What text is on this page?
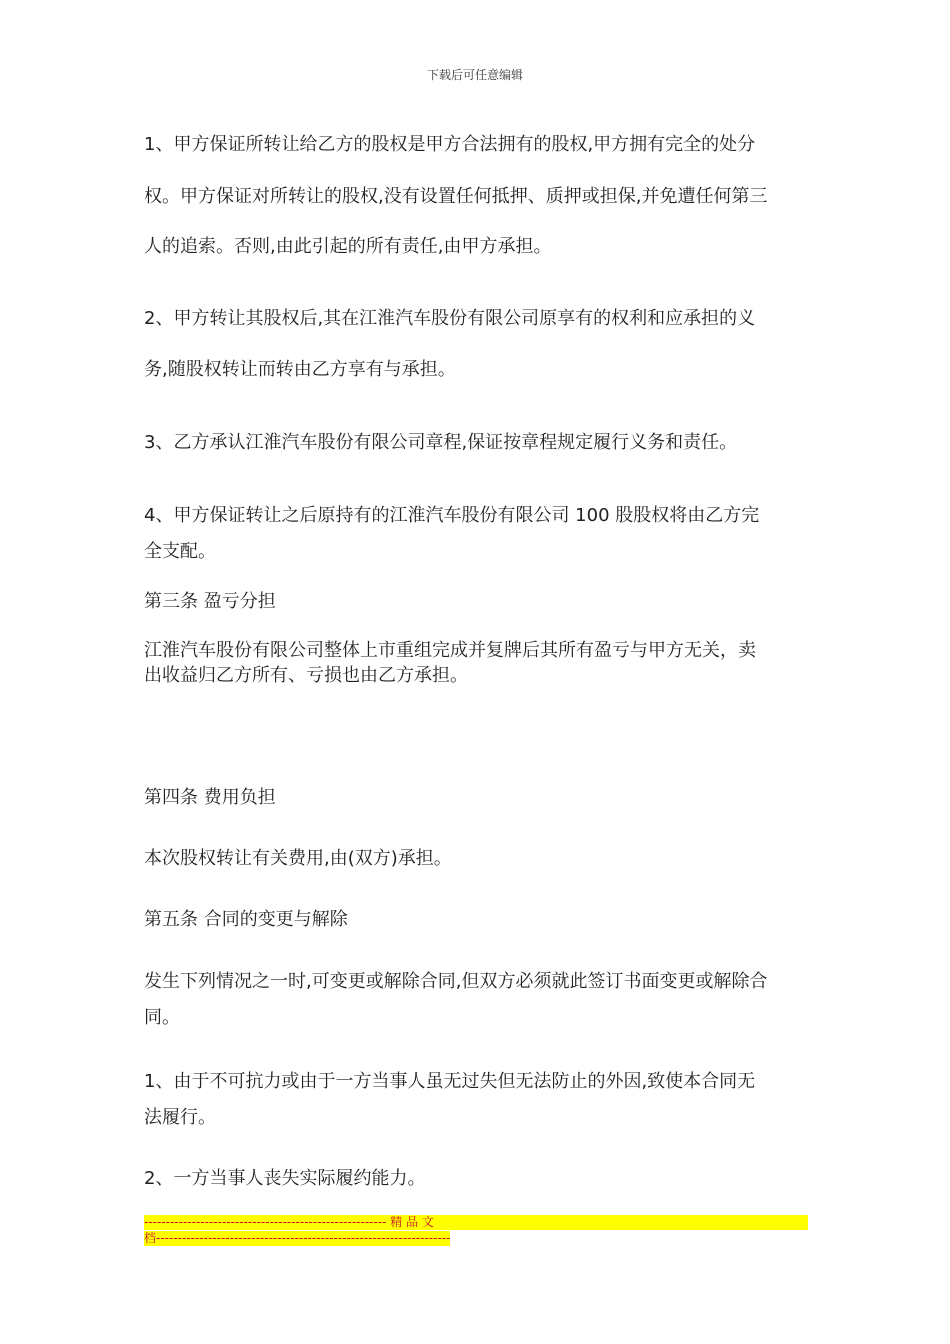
下载后可任意编辑

1、甲方保证所转让给乙方的股权是甲方合法拥有的股权,甲方拥有完全的处分

权。甲方保证对所转让的股权,没有设置任何抵押、质押或担保,并免遭任何第三

人的追索。否则,由此引起的所有责任,由甲方承担。

2、甲方转让其股权后,其在江淮汽车股份有限公司原享有的权利和应承担的义

务,随股权转让而转由乙方享有与承担。

3、乙方承认江淮汽车股份有限公司章程,保证按章程规定履行义务和责任。

4、甲方保证转让之后原持有的江淮汽车股份有限公司 100 股股权将由乙方完

全支配。

第三条 盈亏分担

江淮汽车股份有限公司整体上市重组完成并复牌后其所有盈亏与甲方无关，卖

出收益归乙方所有、亏损也由乙方承担。

第四条 费用负担

本次股权转让有关费用,由(双方)承担。

第五条 合同的变更与解除

发生下列情况之一时,可变更或解除合同,但双方必须就此签订书面变更或解除合

同。

1、由于不可抗力或由于一方当事人虽无过失但无法防止的外因,致使本合同无

法履行。

2、一方当事人丧失实际履约能力。

-------------------------------------------------------- 精 品 文
档--------------------------------------------------------------------
